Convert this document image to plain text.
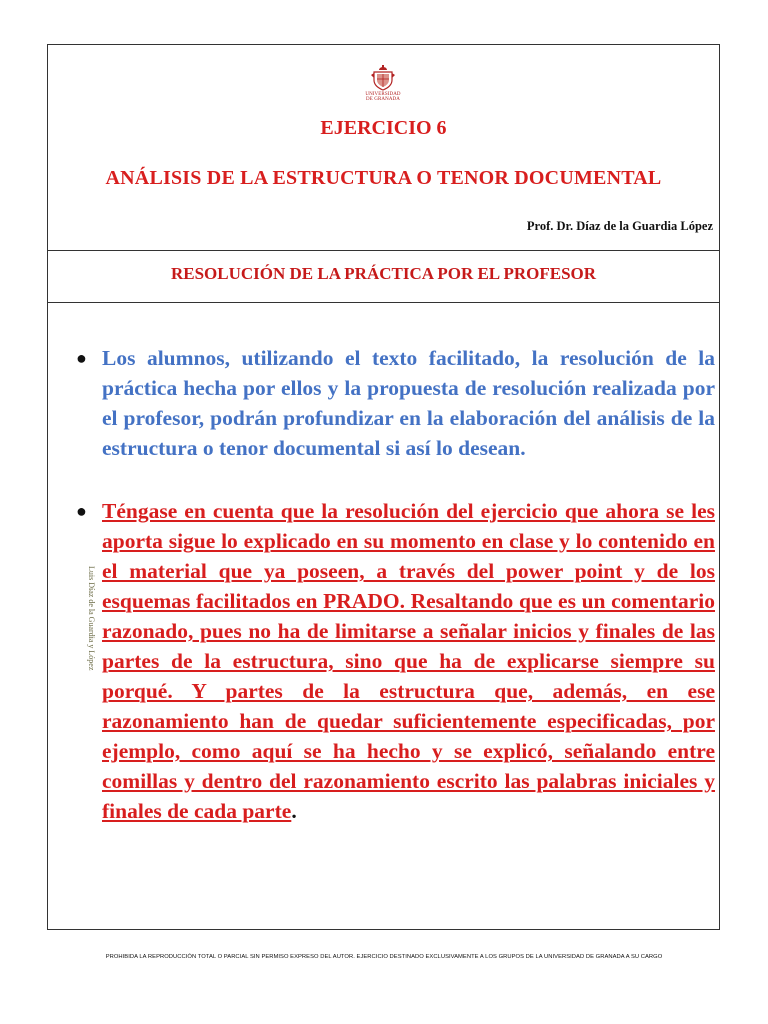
UNIVERSIDAD
DE GRANADA
EJERCICIO 6
ANÁLISIS DE LA ESTRUCTURA O TENOR DOCUMENTAL
Prof. Dr. Díaz de la Guardia López
RESOLUCIÓN DE LA PRÁCTICA POR EL PROFESOR
● Los alumnos, utilizando el texto facilitado, la resolución de la práctica hecha por ellos y la propuesta de resolución realizada por el profesor, podrán profundizar en la elaboración del análisis de la estructura o tenor documental si así lo desean.
● Téngase en cuenta que la resolución del ejercicio que ahora se les aporta sigue lo explicado en su momento en clase y lo contenido en el material que ya poseen, a través del power point y de los esquemas facilitados en PRADO. Resaltando que es un comentario razonado, pues no ha de limitarse a señalar inicios y finales de las partes de la estructura, sino que ha de explicarse siempre su porqué. Y partes de la estructura que, además, en ese razonamiento han de quedar suficientemente especificadas, por ejemplo, como aquí se ha hecho y se explicó, señalando entre comillas y dentro del razonamiento escrito las palabras iniciales y finales de cada parte.
Luis Díaz de la Guardia y López
PROHIBIDA LA REPRODUCCIÓN TOTAL O PARCIAL SIN PERMISO EXPRESO DEL AUTOR. EJERCICIO DESTINADO EXCLUSIVAMENTE A LOS GRUPOS DE LA UNIVERSIDAD DE GRANADA A SU CARGO
